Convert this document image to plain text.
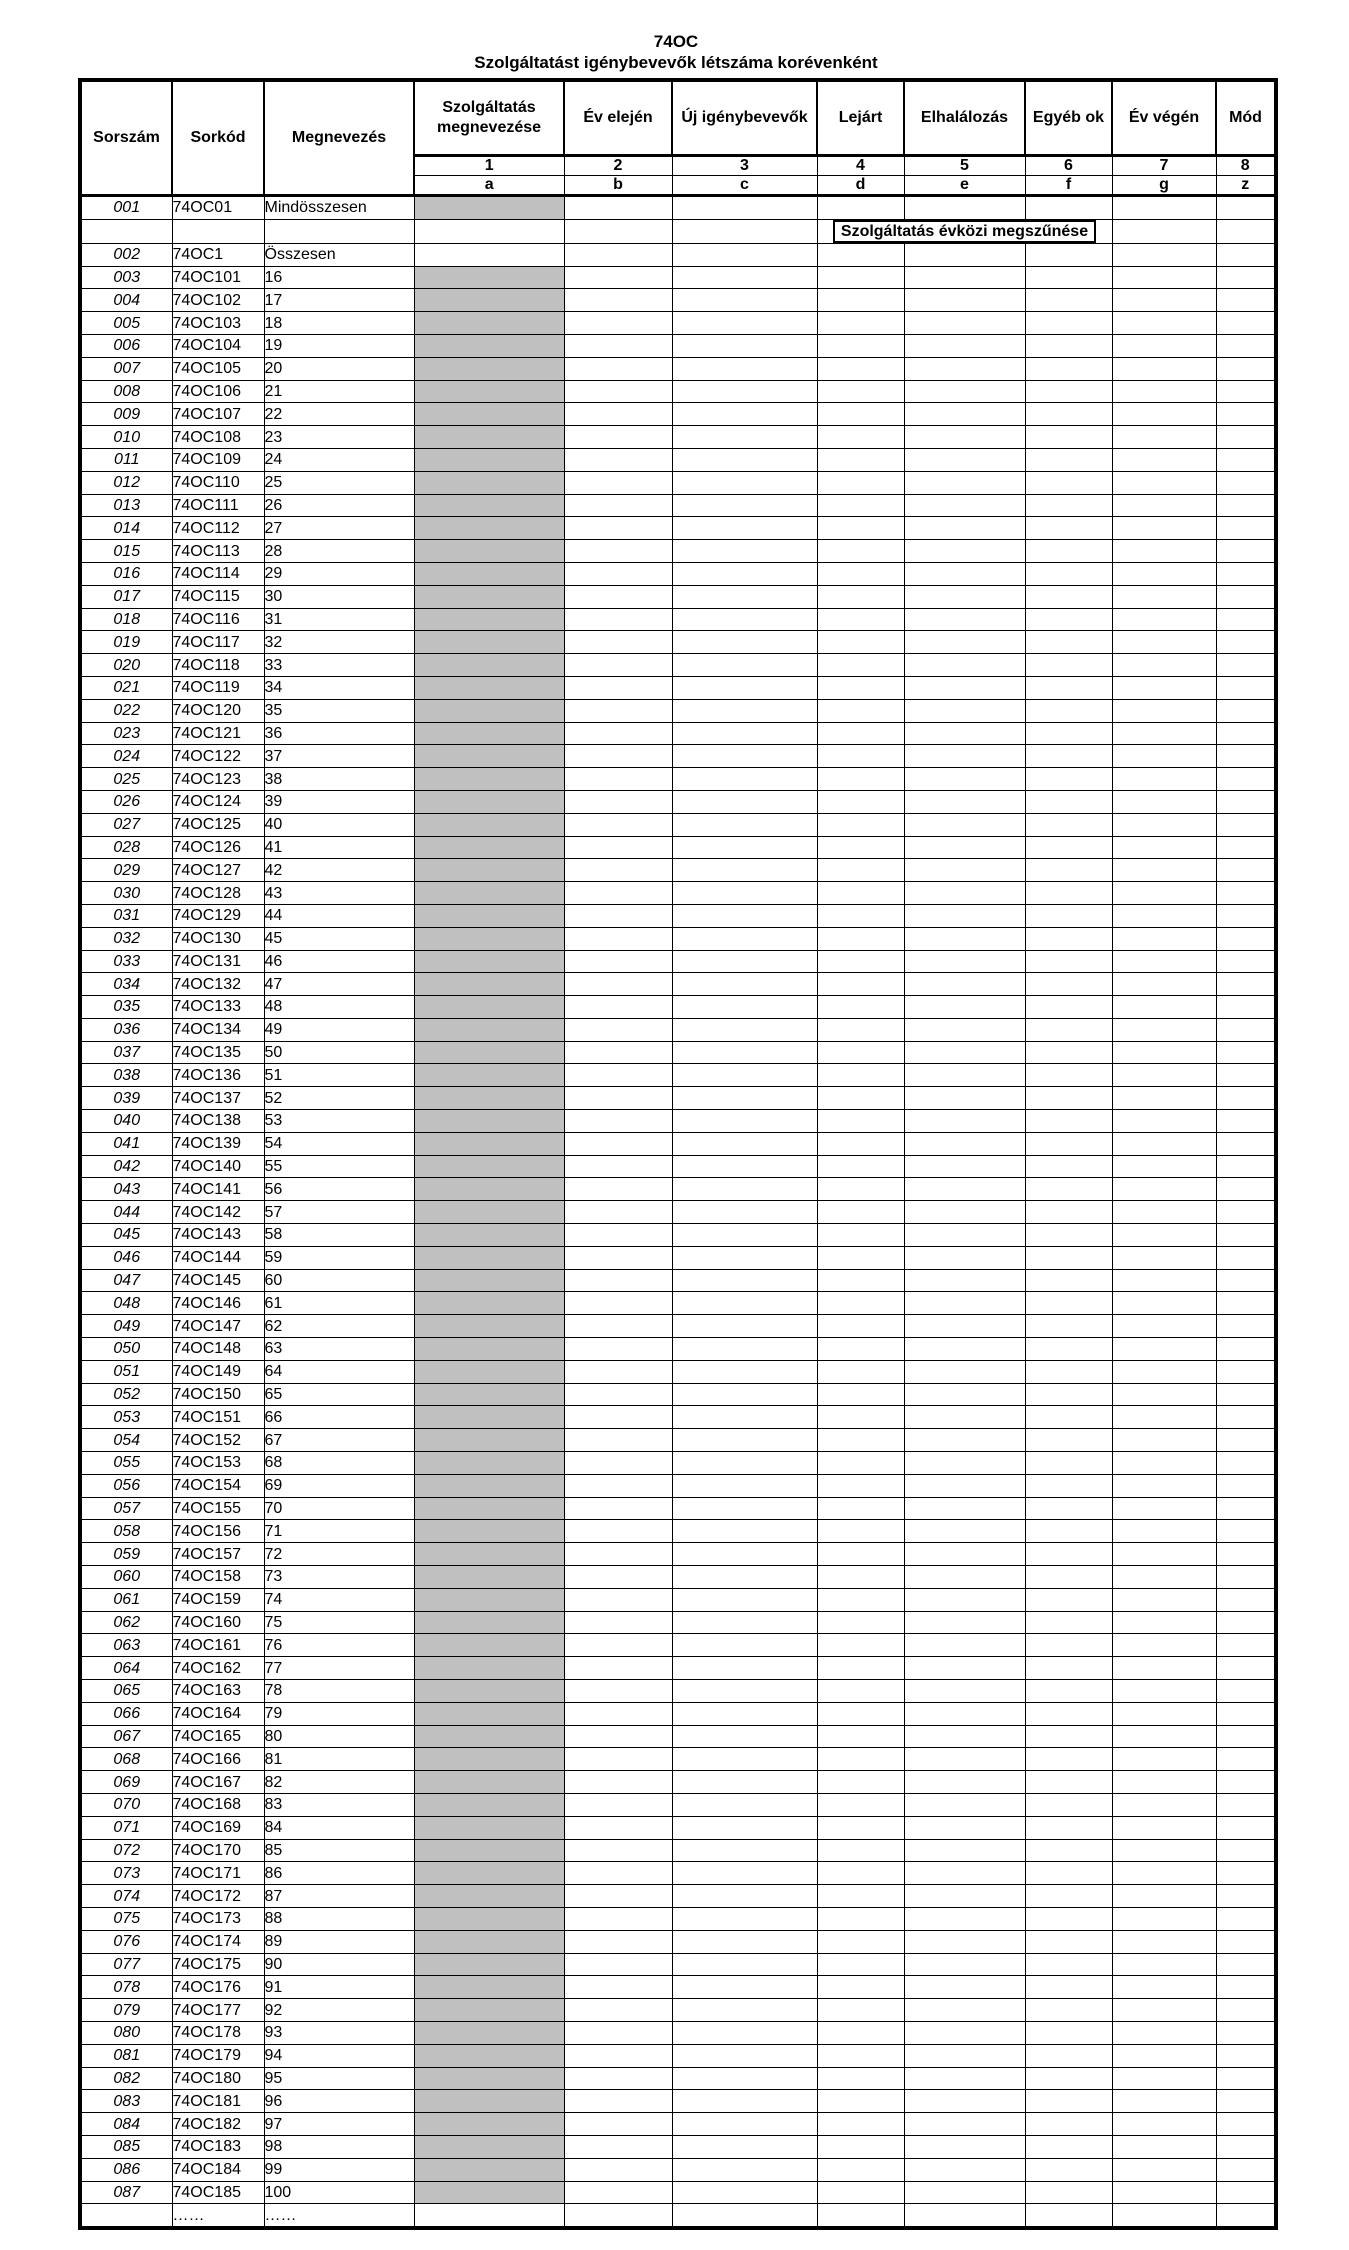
74OC
Szolgáltatást igénybevevők létszáma korévenként
Sorszám	Sorkód	Megnevezés	Szolgáltatás megnevezése	Év elején	Új igénybevevők	Lejárt	Elhalálozás	Egyéb ok	Év végén	Mód
			1	2	3	4	5	6	7	8
			a	b	c	d	e	f	g	z
001	74OC01	Mindösszesen								
						Szolgáltatás évközi megszűnése				
002	74OC1	Összesen								
003	74OC101	16								
004	74OC102	17								
005	74OC103	18								
006	74OC104	19								
007	74OC105	20								
008	74OC106	21								
009	74OC107	22								
010	74OC108	23								
011	74OC109	24								
012	74OC110	25								
013	74OC111	26								
014	74OC112	27								
015	74OC113	28								
016	74OC114	29								
017	74OC115	30								
018	74OC116	31								
019	74OC117	32								
020	74OC118	33								
021	74OC119	34								
022	74OC120	35								
023	74OC121	36								
024	74OC122	37								
025	74OC123	38								
026	74OC124	39								
027	74OC125	40								
028	74OC126	41								
029	74OC127	42								
030	74OC128	43								
031	74OC129	44								
032	74OC130	45								
033	74OC131	46								
034	74OC132	47								
035	74OC133	48								
036	74OC134	49								
037	74OC135	50								
038	74OC136	51								
039	74OC137	52								
040	74OC138	53								
041	74OC139	54								
042	74OC140	55								
043	74OC141	56								
044	74OC142	57								
045	74OC143	58								
046	74OC144	59								
047	74OC145	60								
048	74OC146	61								
049	74OC147	62								
050	74OC148	63								
051	74OC149	64								
052	74OC150	65								
053	74OC151	66								
054	74OC152	67								
055	74OC153	68								
056	74OC154	69								
057	74OC155	70								
058	74OC156	71								
059	74OC157	72								
060	74OC158	73								
061	74OC159	74								
062	74OC160	75								
063	74OC161	76								
064	74OC162	77								
065	74OC163	78								
066	74OC164	79								
067	74OC165	80								
068	74OC166	81								
069	74OC167	82								
070	74OC168	83								
071	74OC169	84								
072	74OC170	85								
073	74OC171	86								
074	74OC172	87								
075	74OC173	88								
076	74OC174	89								
077	74OC175	90								
078	74OC176	91								
079	74OC177	92								
080	74OC178	93								
081	74OC179	94								
082	74OC180	95								
083	74OC181	96								
084	74OC182	97								
085	74OC183	98								
086	74OC184	99								
087	74OC185	100								
	……	……								
